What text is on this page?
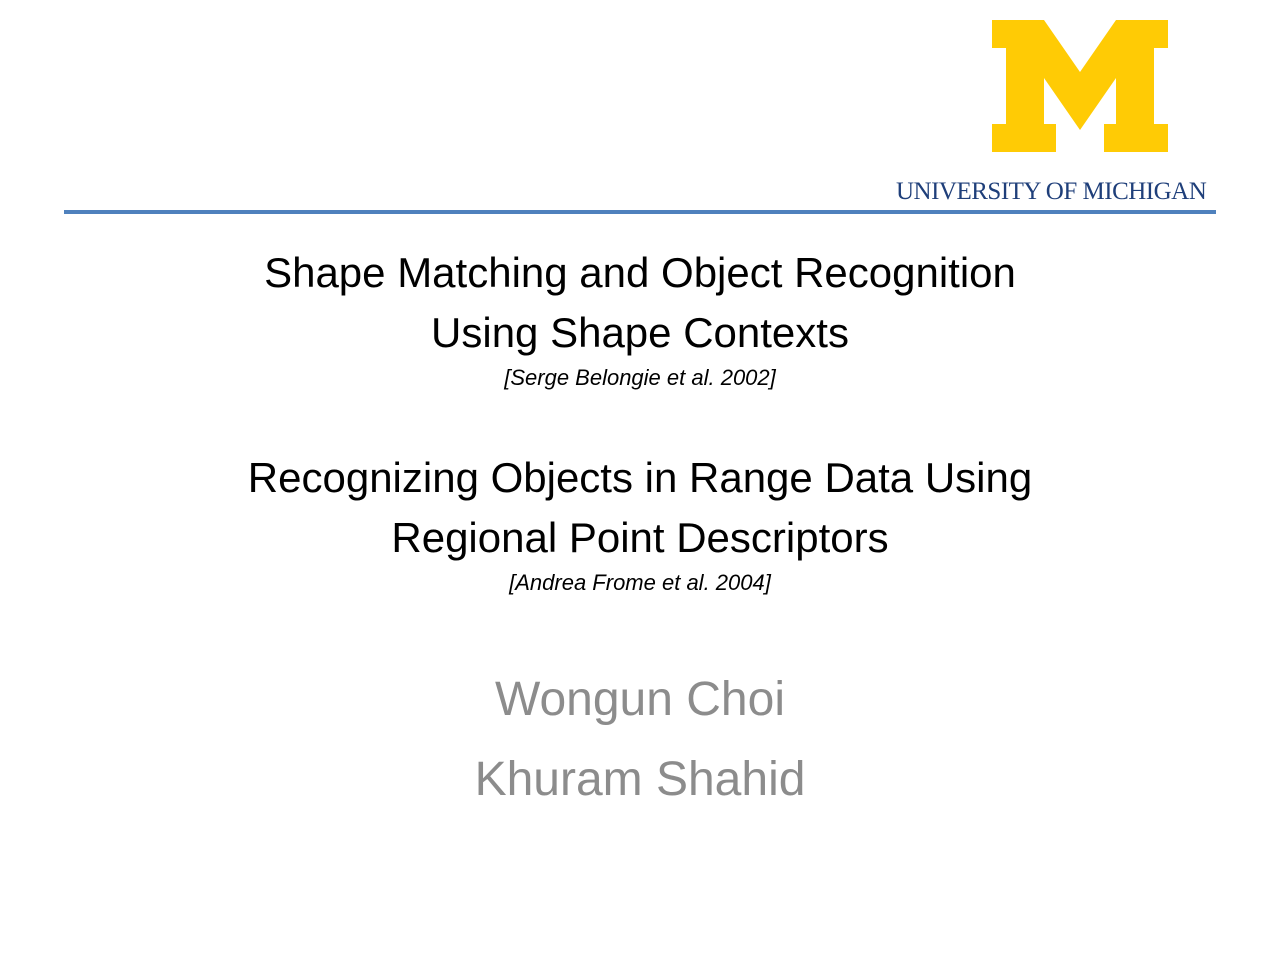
UNIVERSITY OF MICHIGAN
Shape Matching and Object Recognition
Using Shape Contexts
[Serge Belongie et al. 2002]
Recognizing Objects in Range Data Using
Regional Point Descriptors
[Andrea Frome et al. 2004]
Wongun Choi
Khuram Shahid
